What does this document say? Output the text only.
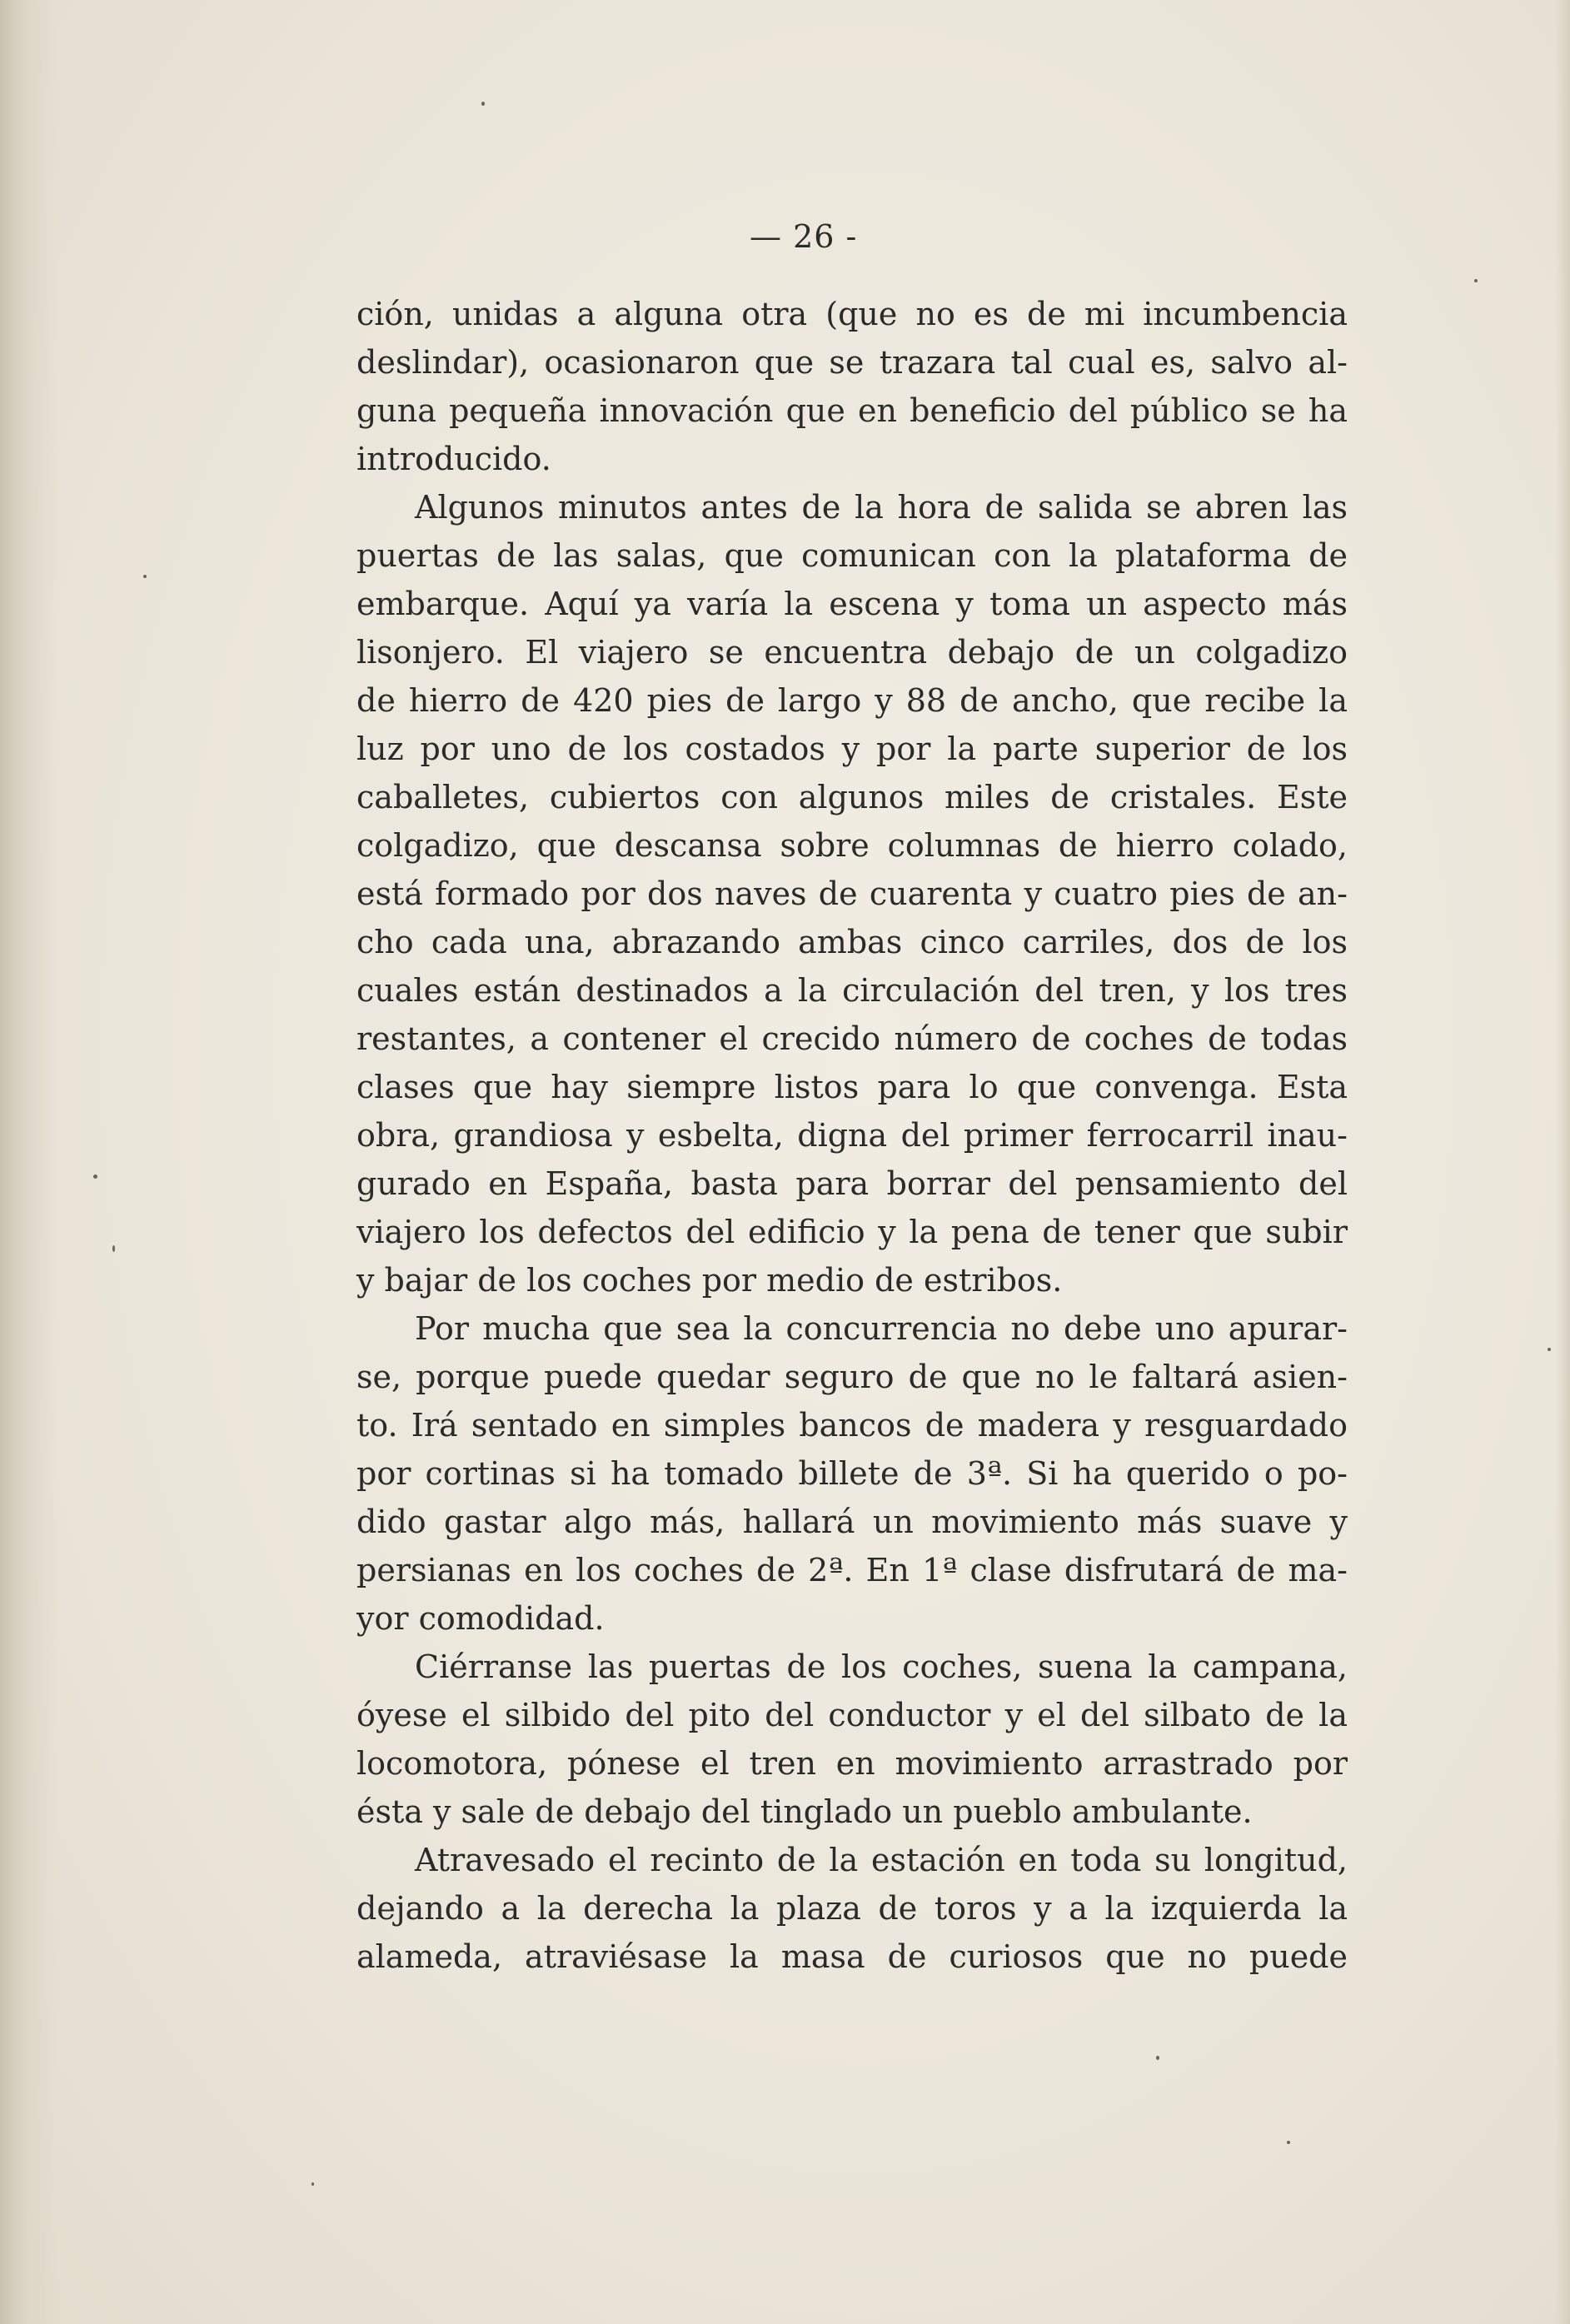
— 26 -
ción, unidas a alguna otra (que no es de mi incumbencia
deslindar), ocasionaron que se trazara tal cual es, salvo al-
guna pequeña innovación que en beneficio del público se ha
introducido.
Algunos minutos antes de la hora de salida se abren las
puertas de las salas, que comunican con la plataforma de
embarque. Aquí ya varía la escena y toma un aspecto más
lisonjero. El viajero se encuentra debajo de un colgadizo
de hierro de 420 pies de largo y 88 de ancho, que recibe la
luz por uno de los costados y por la parte superior de los
caballetes, cubiertos con algunos miles de cristales. Este
colgadizo, que descansa sobre columnas de hierro colado,
está formado por dos naves de cuarenta y cuatro pies de an-
cho cada una, abrazando ambas cinco carriles, dos de los
cuales están destinados a la circulación del tren, y los tres
restantes, a contener el crecido número de coches de todas
clases que hay siempre listos para lo que convenga. Esta
obra, grandiosa y esbelta, digna del primer ferrocarril inau-
gurado en España, basta para borrar del pensamiento del
viajero los defectos del edificio y la pena de tener que subir
y bajar de los coches por medio de estribos.
Por mucha que sea la concurrencia no debe uno apurar-
se, porque puede quedar seguro de que no le faltará asien-
to. Irá sentado en simples bancos de madera y resguardado
por cortinas si ha tomado billete de 3ª. Si ha querido o po-
dido gastar algo más, hallará un movimiento más suave y
persianas en los coches de 2ª. En 1ª clase disfrutará de ma-
yor comodidad.
Ciérranse las puertas de los coches, suena la campana,
óyese el silbido del pito del conductor y el del silbato de la
locomotora, pónese el tren en movimiento arrastrado por
ésta y sale de debajo del tinglado un pueblo ambulante.
Atravesado el recinto de la estación en toda su longitud,
dejando a la derecha la plaza de toros y a la izquierda la
alameda, atraviésase la masa de curiosos que no puede
